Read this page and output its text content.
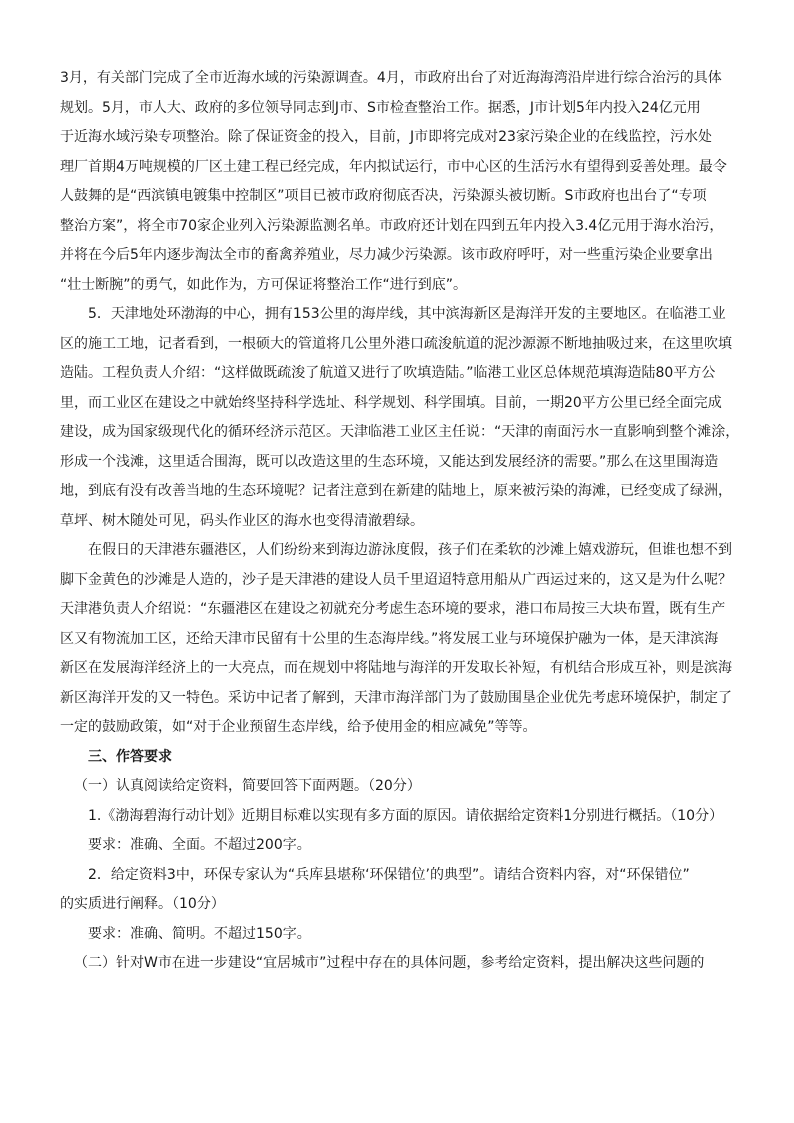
3月，有关部门完成了全市近海水域的污染源调查。4月，市政府出台了对近海海湾沿岸进行综合治污的具体
规划。5月，市人大、政府的多位领导同志到J市、S市检查整治工作。据悉，J市计划5年内投入24亿元用
于近海水域污染专项整治。除了保证资金的投入，目前，J市即将完成对23家污染企业的在线监控，污水处
理厂首期4万吨规模的厂区土建工程已经完成，年内拟试运行，市中心区的生活污水有望得到妥善处理。最令
人鼓舞的是“西滨镇电镀集中控制区”项目已被市政府彻底否决，污染源头被切断。S市政府也出台了“专项
整治方案”，将全市70家企业列入污染源监测名单。市政府还计划在四到五年内投入3.4亿元用于海水治污，
并将在今后5年内逐步淘汰全市的畜禽养殖业，尽力减少污染源。该市政府呼吁，对一些重污染企业要拿出
“壮士断腕”的勇气，如此作为，方可保证将整治工作“进行到底”。

5．天津地处环渤海的中心，拥有153公里的海岸线，其中滨海新区是海洋开发的主要地区。在临港工业
区的施工工地，记者看到，一根硕大的管道将几公里外港口疏浚航道的泥沙源源不断地抽吸过来，在这里吹填
造陆。工程负责人介绍：“这样做既疏浚了航道又进行了吹填造陆。”临港工业区总体规范填海造陆80平方公
里，而工业区在建设之中就始终坚持科学选址、科学规划、科学围填。目前，一期20平方公里已经全面完成
建设，成为国家级现代化的循环经济示范区。天津临港工业区主任说：“天津的南面污水一直影响到整个滩涂，
形成一个浅滩，这里适合围海，既可以改造这里的生态环境，又能达到发展经济的需要。”那么在这里围海造
地，到底有没有改善当地的生态环境呢？记者注意到在新建的陆地上，原来被污染的海滩，已经变成了绿洲，
草坪、树木随处可见，码头作业区的海水也变得清澈碧绿。

在假日的天津港东疆港区，人们纷纷来到海边游泳度假，孩子们在柔软的沙滩上嬉戏游玩，但谁也想不到
脚下金黄色的沙滩是人造的，沙子是天津港的建设人员千里迢迢特意用船从广西运过来的，这又是为什么呢？
天津港负责人介绍说：“东疆港区在建设之初就充分考虑生态环境的要求，港口布局按三大块布置，既有生产
区又有物流加工区，还给天津市民留有十公里的生态海岸线。”将发展工业与环境保护融为一体，是天津滨海
新区在发展海洋经济上的一大亮点，而在规划中将陆地与海洋的开发取长补短，有机结合形成互补，则是滨海
新区海洋开发的又一特色。采访中记者了解到，天津市海洋部门为了鼓励围垦企业优先考虑环境保护，制定了
一定的鼓励政策，如“对于企业预留生态岸线，给予使用金的相应减免”等等。

三、作答要求

（一）认真阅读给定资料，简要回答下面两题。（20分）

1.《渤海碧海行动计划》近期目标难以实现有多方面的原因。请依据给定资料1分别进行概括。（10分）

要求：准确、全面。不超过200字。

2．给定资料3中，环保专家认为“兵库县堪称‘环保错位’的典型”。请结合资料内容，对“环保错位”
的实质进行阐释。（10分）

要求：准确、简明。不超过150字。

（二）针对W市在进一步建设“宜居城市”过程中存在的具体问题，参考给定资料，提出解决这些问题的
